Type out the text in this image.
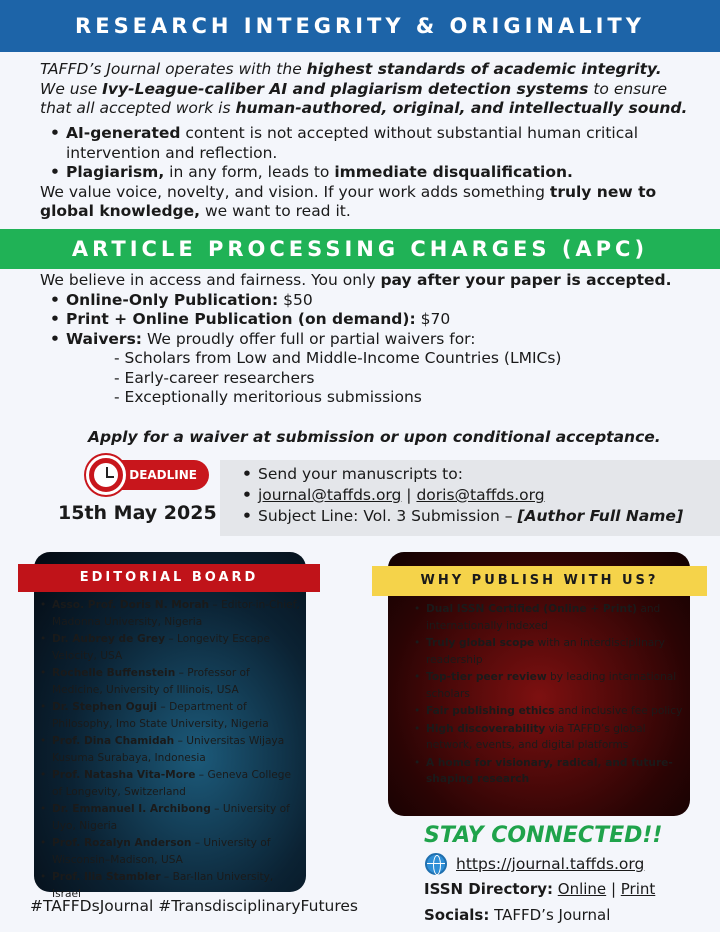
RESEARCH INTEGRITY & ORIGINALITY
TAFFD’s Journal operates with the highest standards of academic integrity. We use Ivy-League-caliber AI and plagiarism detection systems to ensure that all accepted work is human-authored, original, and intellectually sound.
• AI-generated content is not accepted without substantial human critical intervention and reflection.
• Plagiarism, in any form, leads to immediate disqualification.
We value voice, novelty, and vision. If your work adds something truly new to global knowledge, we want to read it.
ARTICLE PROCESSING CHARGES (APC)
We believe in access and fairness. You only pay after your paper is accepted.
• Online-Only Publication: $50
• Print + Online Publication (on demand): $70
• Waivers: We proudly offer full or partial waivers for:
- Scholars from Low and Middle-Income Countries (LMICs)
- Early-career researchers
- Exceptionally meritorious submissions
Apply for a waiver at submission or upon conditional acceptance.
DEADLINE
15th May 2025
• Send your manuscripts to:
• journal@taffds.org | doris@taffds.org
• Subject Line: Vol. 3 Submission – [Author Full Name]
EDITORIAL BOARD
• Asso. Prof. Doris N. Morah – Editor-in-Chief, Madonna University, Nigeria
• Dr. Aubrey de Grey – Longevity Escape Velocity, USA
• Rochelle Buffenstein – Professor of Medicine, University of Illinois, USA
• Dr. Stephen Oguji – Department of Philosophy, Imo State University, Nigeria
• Prof. Dina Chamidah – Universitas Wijaya Kusuma Surabaya, Indonesia
• Prof. Natasha Vita-More – Geneva College of Longevity, Switzerland
• Dr. Emmanuel I. Archibong – University of Uyo, Nigeria
• Prof. Rozalyn Anderson – University of Wisconsin–Madison, USA
• Prof. Ilia Stambler – Bar-Ilan University, Israel
WHY PUBLISH WITH US?
• Dual ISSN Certified (Online + Print) and internationally indexed
• Truly global scope with an interdisciplinary readership
• Top-tier peer review by leading international scholars
• Fair publishing ethics and inclusive fee policy
• High discoverability via TAFFD’s global network, events, and digital platforms
• A home for visionary, radical, and future-shaping research
STAY CONNECTED!!
https://journal.taffds.org
ISSN Directory: Online | Print
Socials: TAFFD’s Journal
#TAFFDsJournal #TransdisciplinaryFutures
